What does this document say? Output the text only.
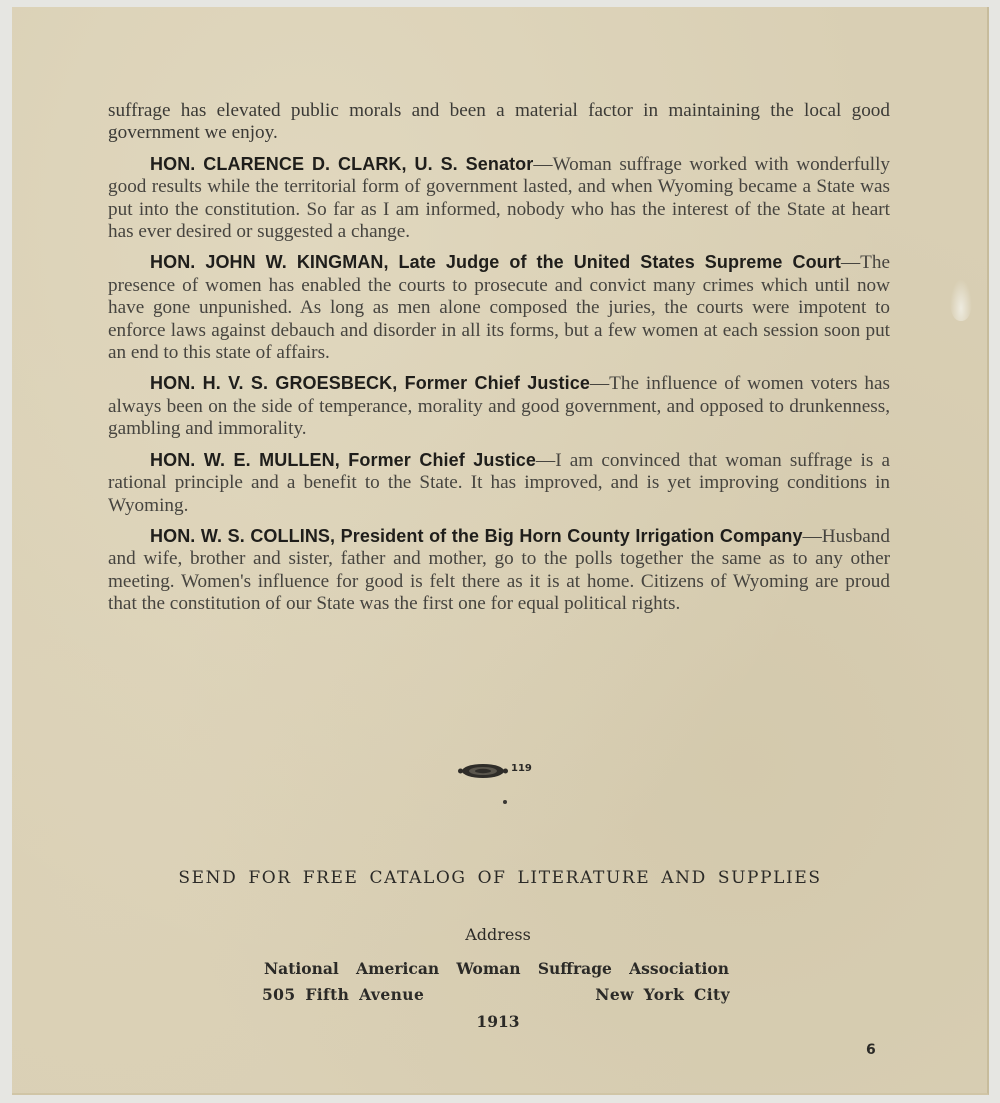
suffrage has elevated public morals and been a material factor in maintaining the local good government we enjoy.

HON. CLARENCE D. CLARK, U. S. Senator—Woman suffrage worked with wonderfully good results while the territorial form of government lasted, and when Wyoming became a State was put into the constitution. So far as I am informed, nobody who has the interest of the State at heart has ever desired or suggested a change.

HON. JOHN W. KINGMAN, Late Judge of the United States Supreme Court—The presence of women has enabled the courts to prosecute and convict many crimes which until now have gone unpunished. As long as men alone composed the juries, the courts were impotent to enforce laws against debauch and disorder in all its forms, but a few women at each session soon put an end to this state of affairs.

HON. H. V. S. GROESBECK, Former Chief Justice—The influence of women voters has always been on the side of temperance, morality and good government, and opposed to drunkenness, gambling and immorality.

HON. W. E. MULLEN, Former Chief Justice—I am convinced that woman suffrage is a rational principle and a benefit to the State. It has improved, and is yet improving conditions in Wyoming.

HON. W. S. COLLINS, President of the Big Horn County Irrigation Company—Husband and wife, brother and sister, father and mother, go to the polls together the same as to any other meeting. Women's influence for good is felt there as it is at home. Citizens of Wyoming are proud that the constitution of our State was the first one for equal political rights.

119
SEND FOR FREE CATALOG OF LITERATURE AND SUPPLIES
Address
National American Woman Suffrage Association
505 Fifth Avenue	New York City
1913
6
